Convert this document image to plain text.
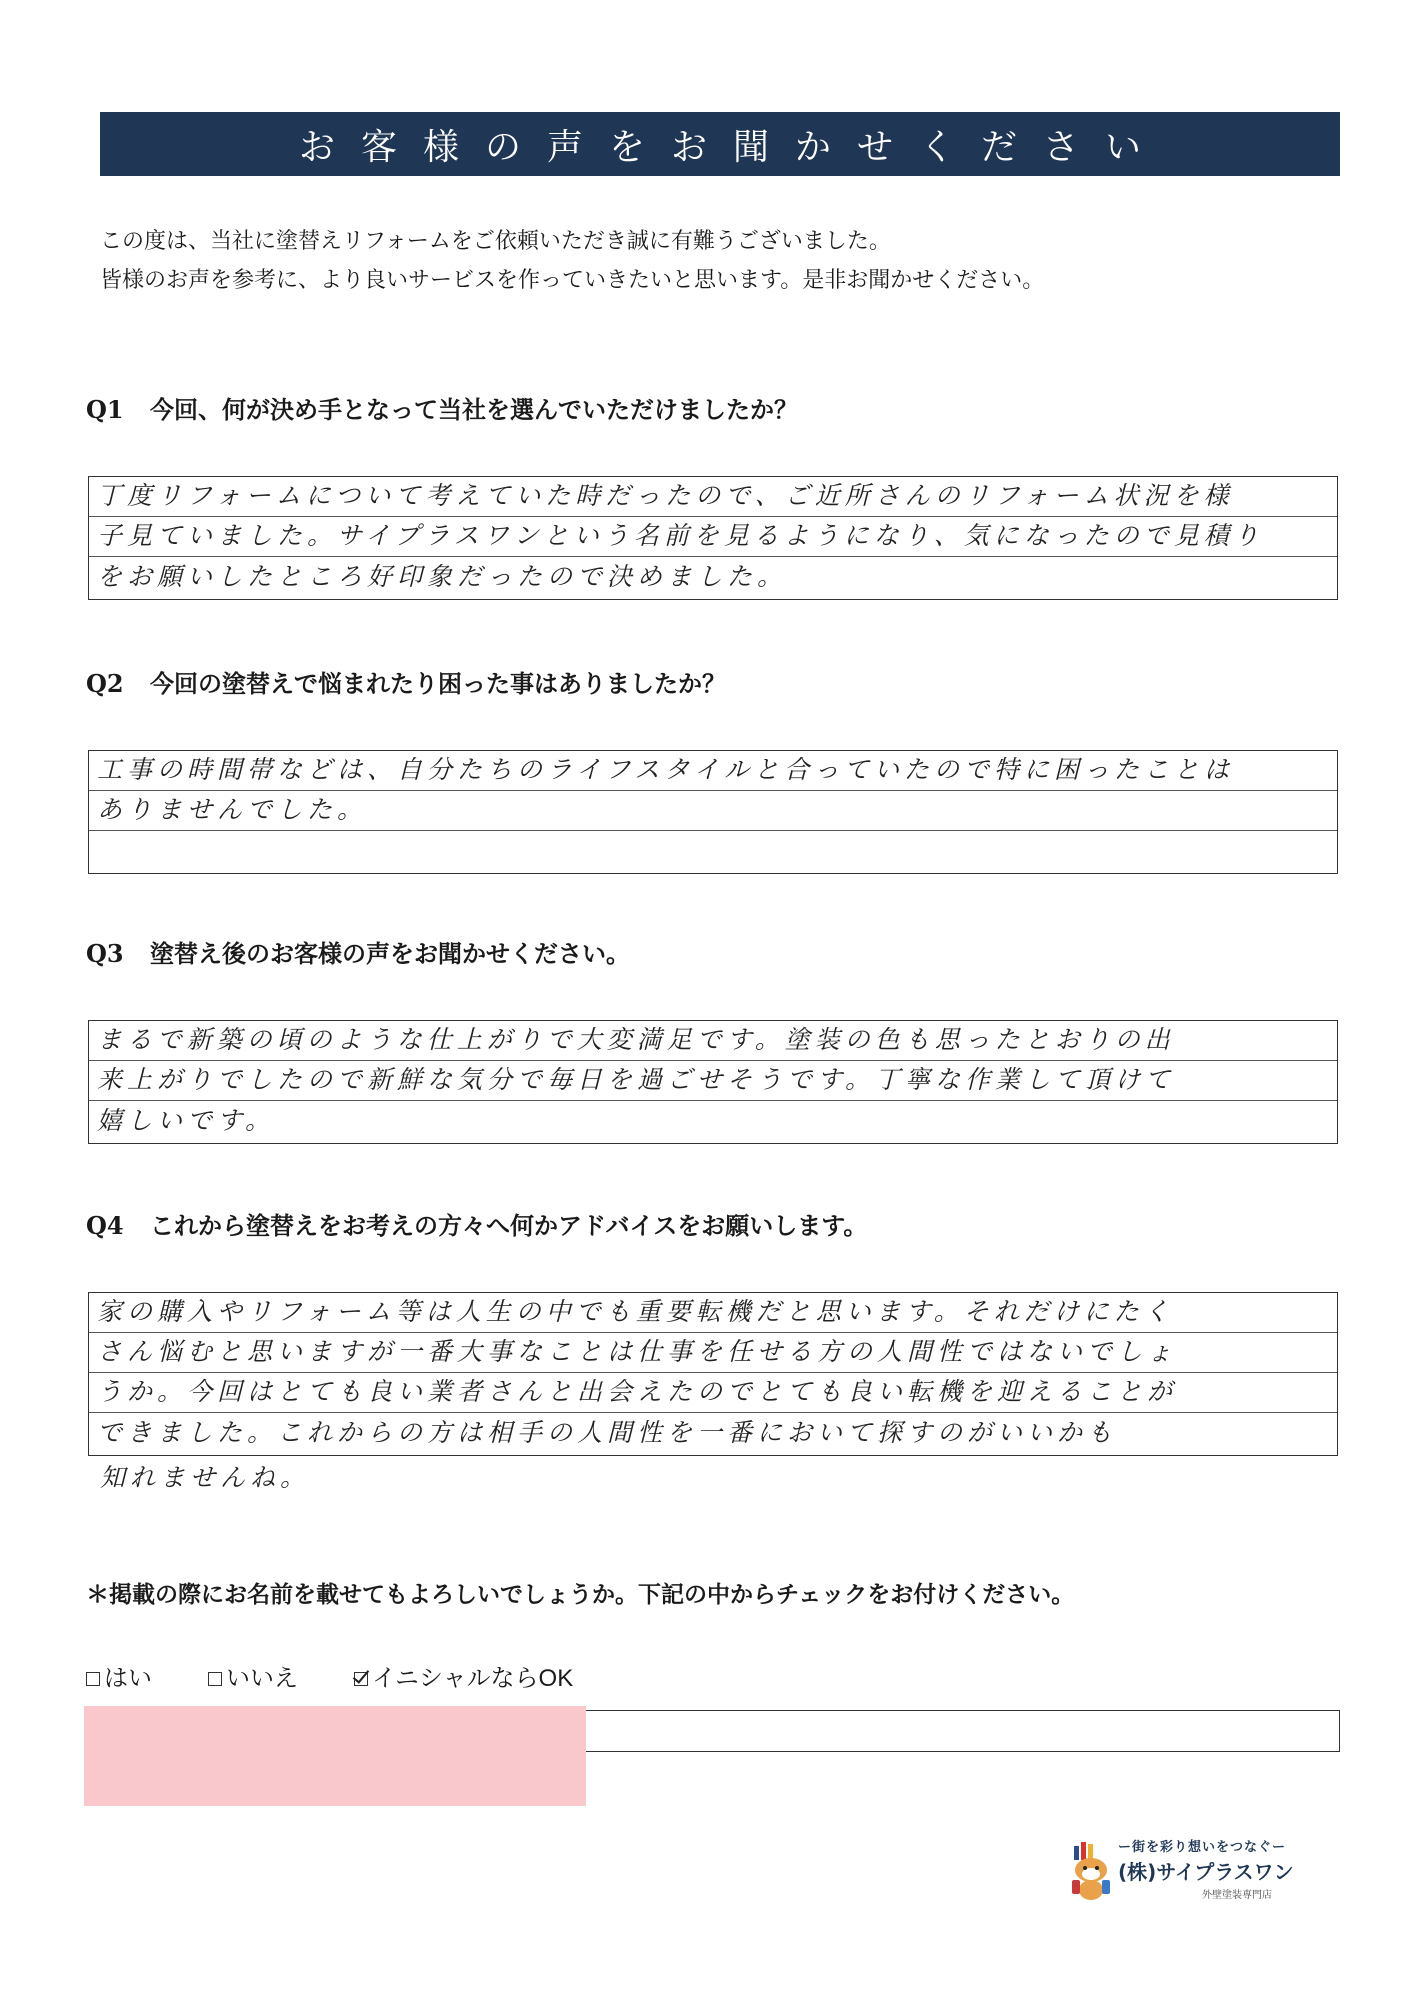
お客様の声をお聞かせください
この度は、当社に塗替えリフォームをご依頼いただき誠に有難うございました。
皆様のお声を参考に、より良いサービスを作っていきたいと思います。是非お聞かせください。
Q1 今回、何が決め手となって当社を選んでいただけましたか？
丁度リフォームについて考えていた時だったので、ご近所さんのリフォーム状況を様
子見ていました。サイプラスワンという名前を見るようになり、気になったので見積り
をお願いしたところ好印象だったので決めました。
Q2 今回の塗替えで悩まれたり困った事はありましたか？
工事の時間帯などは、自分たちのライフスタイルと合っていたので特に困ったことは
ありませんでした。
Q3 塗替え後のお客様の声をお聞かせください。
まるで新築の頃のような仕上がりで大変満足です。塗装の色も思ったとおりの出
来上がりでしたので新鮮な気分で毎日を過ごせそうです。丁寧な作業して頂けて
嬉しいです。
Q4 これから塗替えをお考えの方々へ何かアドバイスをお願いします。
家の購入やリフォーム等は人生の中でも重要転機だと思います。それだけにたく
さん悩むと思いますが一番大事なことは仕事を任せる方の人間性ではないでしょ
うか。今回はとても良い業者さんと出会えたのでとても良い転機を迎えることが
できました。これからの方は相手の人間性を一番において探すのがいいかも
知れませんね。
＊掲載の際にお名前を載せてもよろしいでしょうか。下記の中からチェックをお付けください。
はい	いいえ	イニシャルならOK
ー街を彩り想いをつなぐー
(株)サイプラスワン
外壁塗装専門店
